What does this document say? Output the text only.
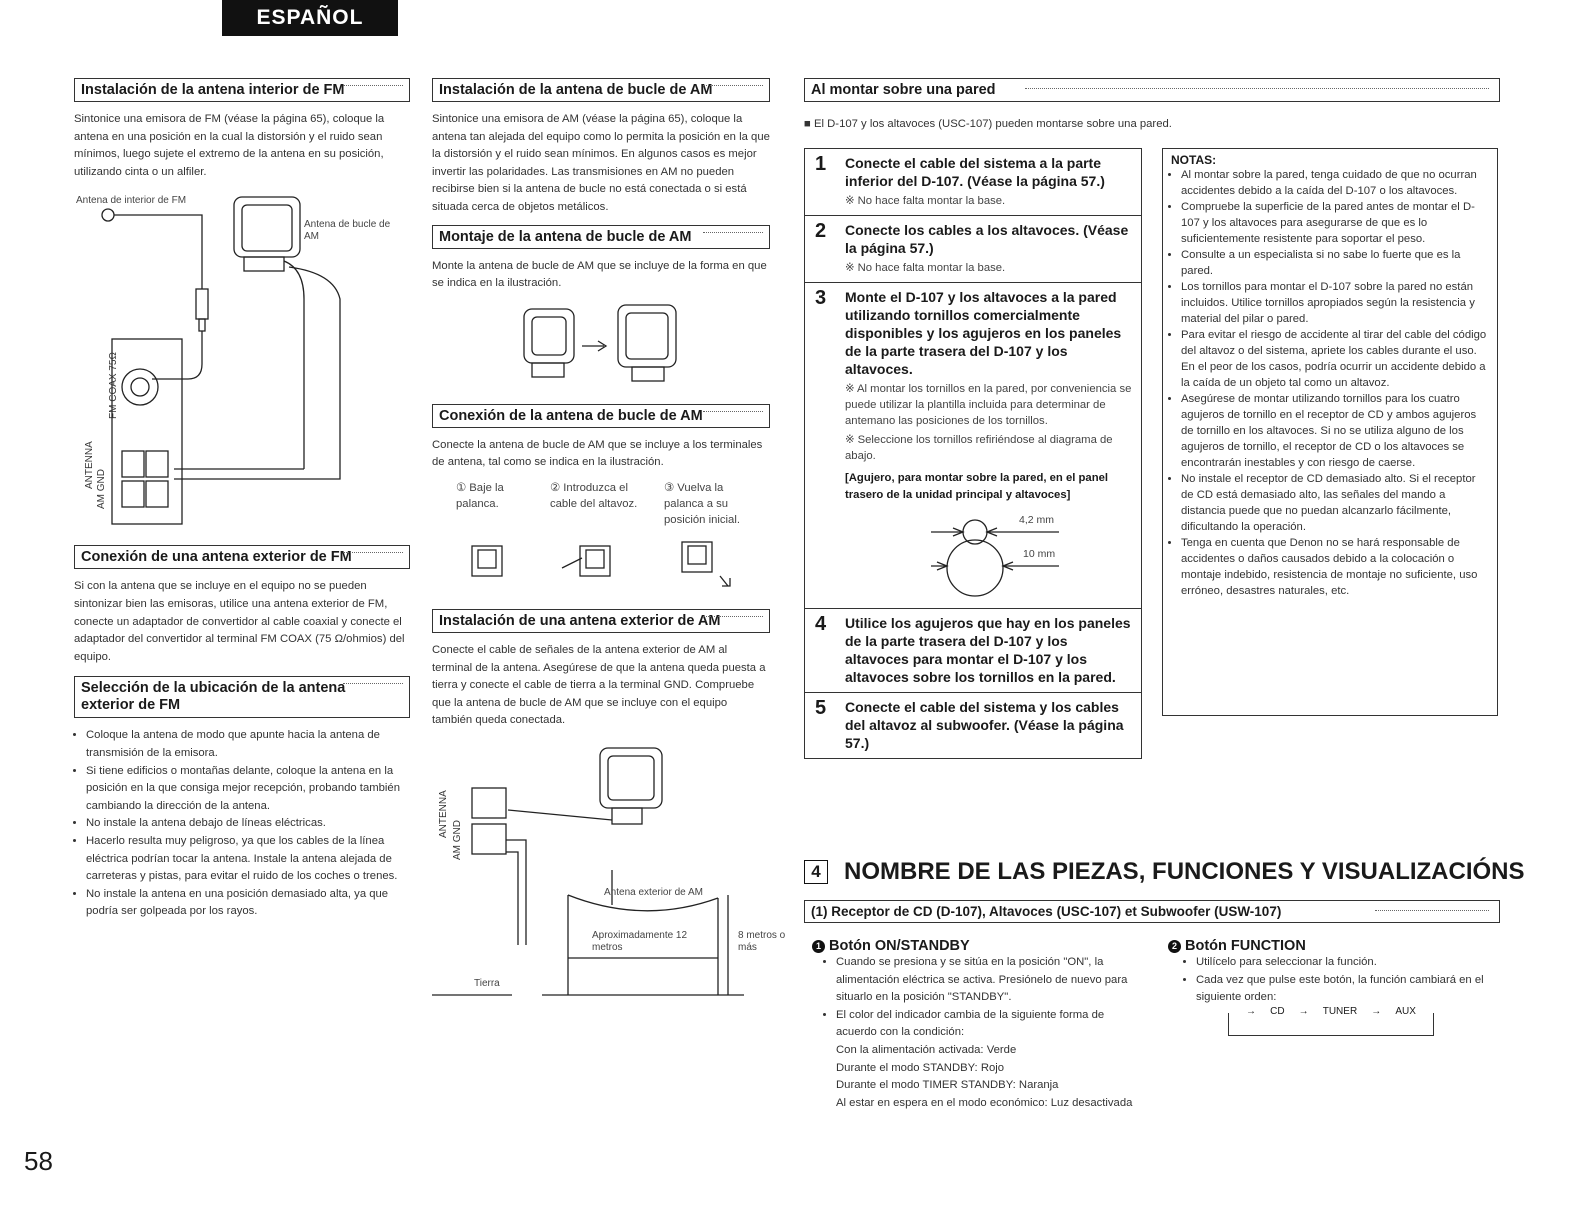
ESPAÑOL
Instalación de la antena interior de FM

Sintonice una emisora de FM (véase la página 65), coloque la antena en una posición en la cual la distorsión y el ruido sean mínimos, luego sujete el extremo de la antena en su posición, utilizando cinta o un alfiler.

Antena de interior de FM
Antena de bucle de AM
AM GND
FM COAX 75Ω
ANTENNA
Conexión de una antena exterior de FM

Si con la antena que se incluye en el equipo no se pueden sintonizar bien las emisoras, utilice una antena exterior de FM, conecte un adaptador de convertidor al cable coaxial y conecte el adaptador del convertidor al terminal FM COAX (75 Ω/ohmios) del equipo.

Selección de la ubicación de la antena
exterior de FM
• Coloque la antena de modo que apunte hacia la antena de transmisión de la emisora.
• Si tiene edificios o montañas delante, coloque la antena en la posición en la que consiga mejor recepción, probando también cambiando la dirección de la antena.
• No instale la antena debajo de líneas eléctricas.
• Hacerlo resulta muy peligroso, ya que los cables de la línea eléctrica podrían tocar la antena. Instale la antena alejada de carreteras y pistas, para evitar el ruido de los coches o trenes.
• No instale la antena en una posición demasiado alta, ya que podría ser golpeada por los rayos.
Instalación de la antena de bucle de AM

Sintonice una emisora de AM (véase la página 65), coloque la antena tan alejada del equipo como lo permita la posición en la que la distorsión y el ruido sean mínimos. En algunos casos es mejor invertir las polaridades. Las transmisiones en AM no pueden recibirse bien si la antena de bucle no está conectada o si está situada cerca de objetos metálicos.

Montaje de la antena de bucle de AM

Monte la antena de bucle de AM que se incluye de la forma en que se indica en la ilustración.

Conexión de la antena de bucle de AM

Conecte la antena de bucle de AM que se incluye a los terminales de antena, tal como se indica en la ilustración.

① Baje la palanca.
② Introduzca el cable del altavoz.
③ Vuelva la palanca a su posición inicial.
Instalación de una antena exterior de AM

Conecte el cable de señales de la antena exterior de AM al terminal de la antena. Asegúrese de que la antena queda puesta a tierra y conecte el cable de tierra a la terminal GND. Compruebe que la antena de bucle de AM que se incluye con el equipo también queda conectada.

Antena exterior de AM
Aproximadamente 12 metros
8 metros o más
Tierra
ANTENNA
AM GND
Al montar sobre una pared
■ El D-107 y los altavoces (USC-107) pueden montarse sobre una pared.
1 Conecte el cable del sistema a la parte inferior del D-107. (Véase la página 57.)
※ No hace falta montar la base.
2 Conecte los cables a los altavoces. (Véase la página 57.)
※ No hace falta montar la base.
3 Monte el D-107 y los altavoces a la pared utilizando tornillos comercialmente disponibles y los agujeros en los paneles de la parte trasera del D-107 y los altavoces.
※ Al montar los tornillos en la pared, por conveniencia se puede utilizar la plantilla incluida para determinar de antemano las posiciones de los tornillos.
※ Seleccione los tornillos refiriéndose al diagrama de abajo.
[Agujero, para montar sobre la pared, en el panel trasero de la unidad principal y altavoces]
4,2 mm
10 mm
4 Utilice los agujeros que hay en los paneles de la parte trasera del D-107 y los altavoces para montar el D-107 y los altavoces sobre los tornillos en la pared.
5 Conecte el cable del sistema y los cables del altavoz al subwoofer. (Véase la página 57.)
NOTAS:
• Al montar sobre la pared, tenga cuidado de que no ocurran accidentes debido a la caída del D-107 o los altavoces.
• Compruebe la superficie de la pared antes de montar el D-107 y los altavoces para asegurarse de que es lo suficientemente resistente para soportar el peso.
• Consulte a un especialista si no sabe lo fuerte que es la pared.
• Los tornillos para montar el D-107 sobre la pared no están incluidos. Utilice tornillos apropiados según la resistencia y material del pilar o pared.
• Para evitar el riesgo de accidente al tirar del cable del código del altavoz o del sistema, apriete los cables durante el uso. En el peor de los casos, podría ocurrir un accidente debido a la caída de un objeto tal como un altavoz.
• Asegúrese de montar utilizando tornillos para los cuatro agujeros de tornillo en el receptor de CD y ambos agujeros de tornillo en los altavoces. Si no se utiliza alguno de los agujeros de tornillo, el receptor de CD o los altavoces se encontrarán inestables y con riesgo de caerse.
• No instale el receptor de CD demasiado alto. Si el receptor de CD está demasiado alto, las señales del mando a distancia puede que no puedan alcanzarlo fácilmente, dificultando la operación.
• Tenga en cuenta que Denon no se hará responsable de accidentes o daños causados debido a la colocación o montaje indebido, resistencia de montaje no suficiente, uso erróneo, desastres naturales, etc.
4 NOMBRE DE LAS PIEZAS, FUNCIONES Y VISUALIZACIÓNS
(1) Receptor de CD (D-107), Altavoces (USC-107) et Subwoofer (USW-107)
1 Botón ON/STANDBY
• Cuando se presiona y se sitúa en la posición "ON", la alimentación eléctrica se activa. Presiónelo de nuevo para situarlo en la posición "STANDBY".
• El color del indicador cambia de la siguiente forma de acuerdo con la condición:
Con la alimentación activada: Verde
Durante el modo STANDBY: Rojo
Durante el modo TIMER STANDBY: Naranja
Al estar en espera en el modo económico: Luz desactivada
2 Botón FUNCTION
• Utilícelo para seleccionar la función.
• Cada vez que pulse este botón, la función cambiará en el siguiente orden:
→ CD → TUNER → AUX
58
